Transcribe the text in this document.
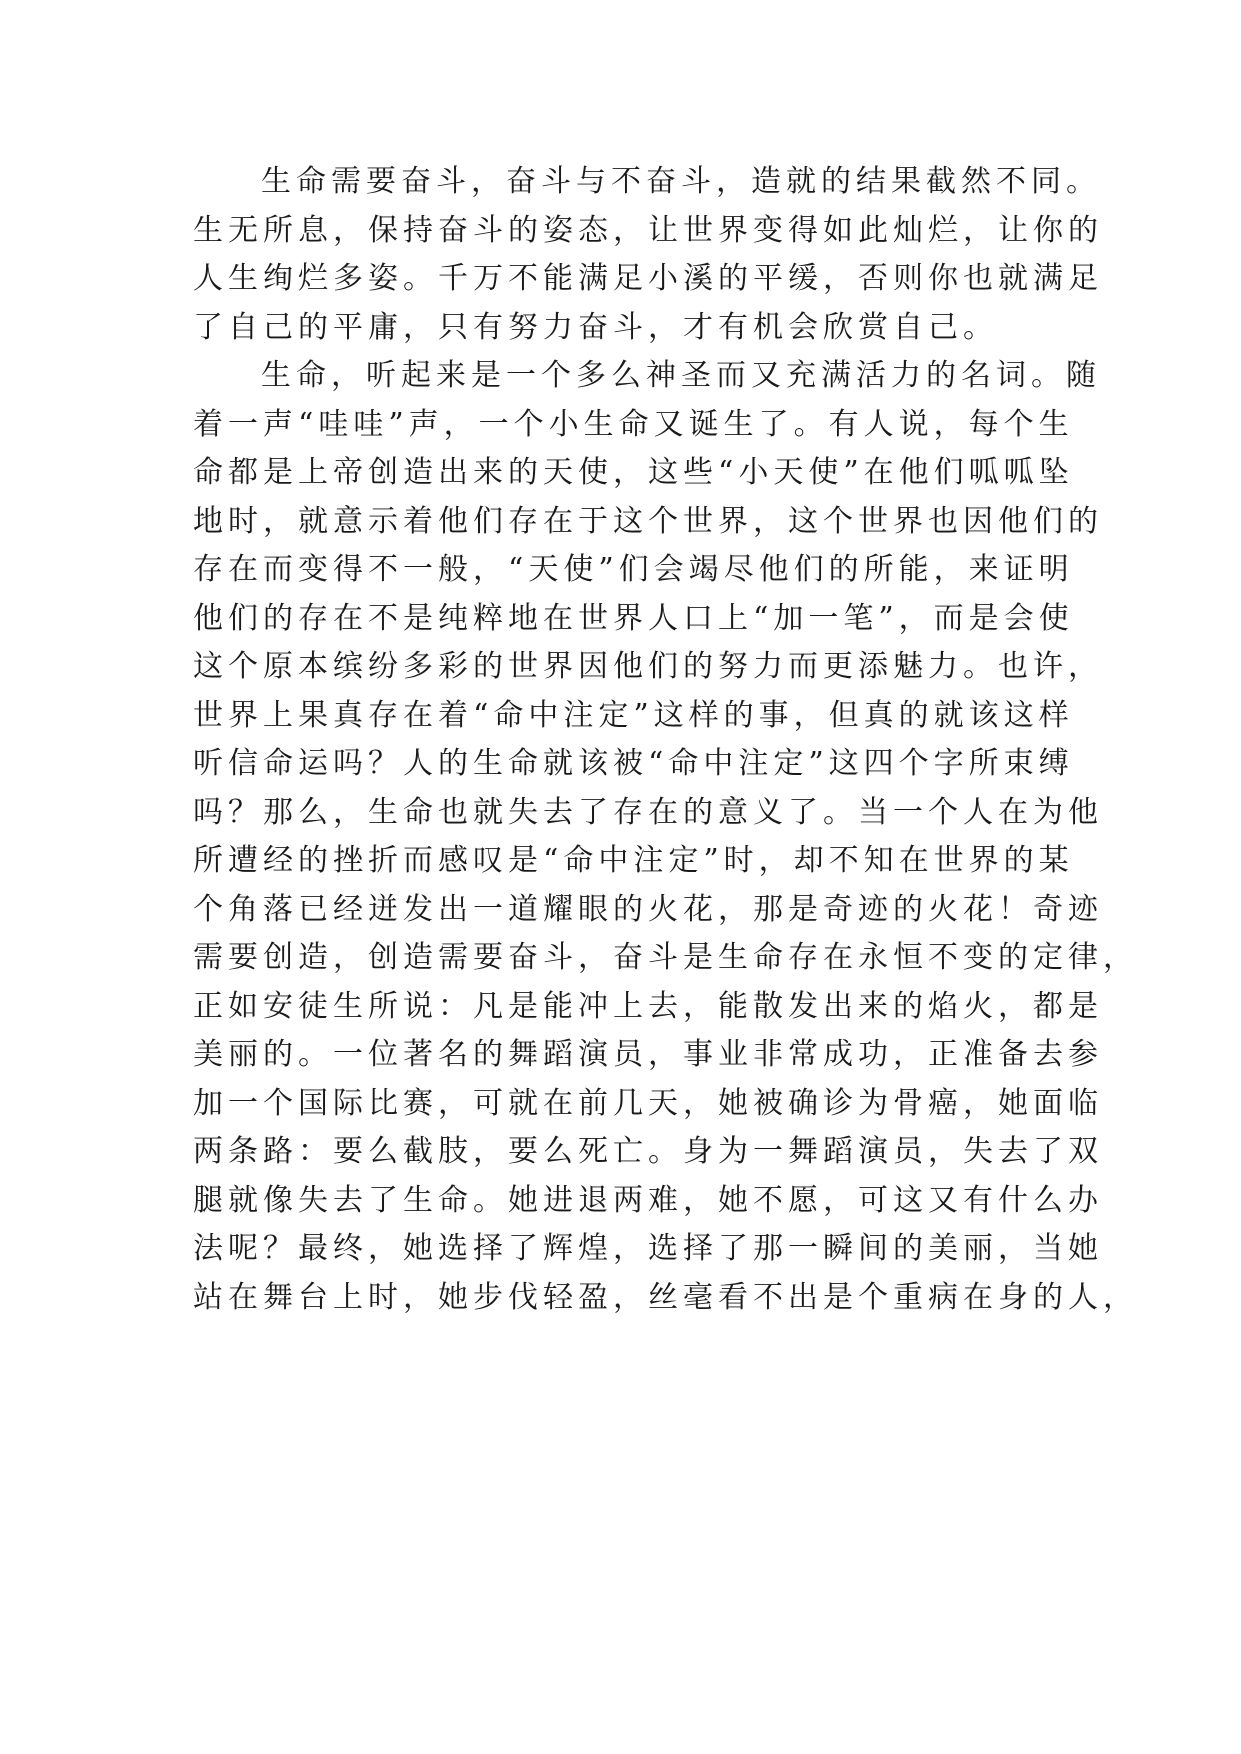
生命需要奋斗，奋斗与不奋斗，造就的结果截然不同。
生无所息，保持奋斗的姿态，让世界变得如此灿烂，让你的
人生绚烂多姿。千万不能满足小溪的平缓，否则你也就满足
了自己的平庸，只有努力奋斗，才有机会欣赏自己。
生命，听起来是一个多么神圣而又充满活力的名词。随
着一声“哇哇”声，一个小生命又诞生了。有人说，每个生
命都是上帝创造出来的天使，这些“小天使”在他们呱呱坠
地时，就意示着他们存在于这个世界，这个世界也因他们的
存在而变得不一般，“天使”们会竭尽他们的所能，来证明
他们的存在不是纯粹地在世界人口上“加一笔”，而是会使
这个原本缤纷多彩的世界因他们的努力而更添魅力。也许，
世界上果真存在着“命中注定”这样的事，但真的就该这样
听信命运吗？人的生命就该被“命中注定”这四个字所束缚
吗？那么，生命也就失去了存在的意义了。当一个人在为他
所遭经的挫折而感叹是“命中注定”时，却不知在世界的某
个角落已经迸发出一道耀眼的火花，那是奇迹的火花！奇迹
需要创造，创造需要奋斗，奋斗是生命存在永恒不变的定律，
正如安徒生所说：凡是能冲上去，能散发出来的焰火，都是
美丽的。一位著名的舞蹈演员，事业非常成功，正准备去参
加一个国际比赛，可就在前几天，她被确诊为骨癌，她面临
两条路：要么截肢，要么死亡。身为一舞蹈演员，失去了双
腿就像失去了生命。她进退两难，她不愿，可这又有什么办
法呢？最终，她选择了辉煌，选择了那一瞬间的美丽，当她
站在舞台上时，她步伐轻盈，丝毫看不出是个重病在身的人，
